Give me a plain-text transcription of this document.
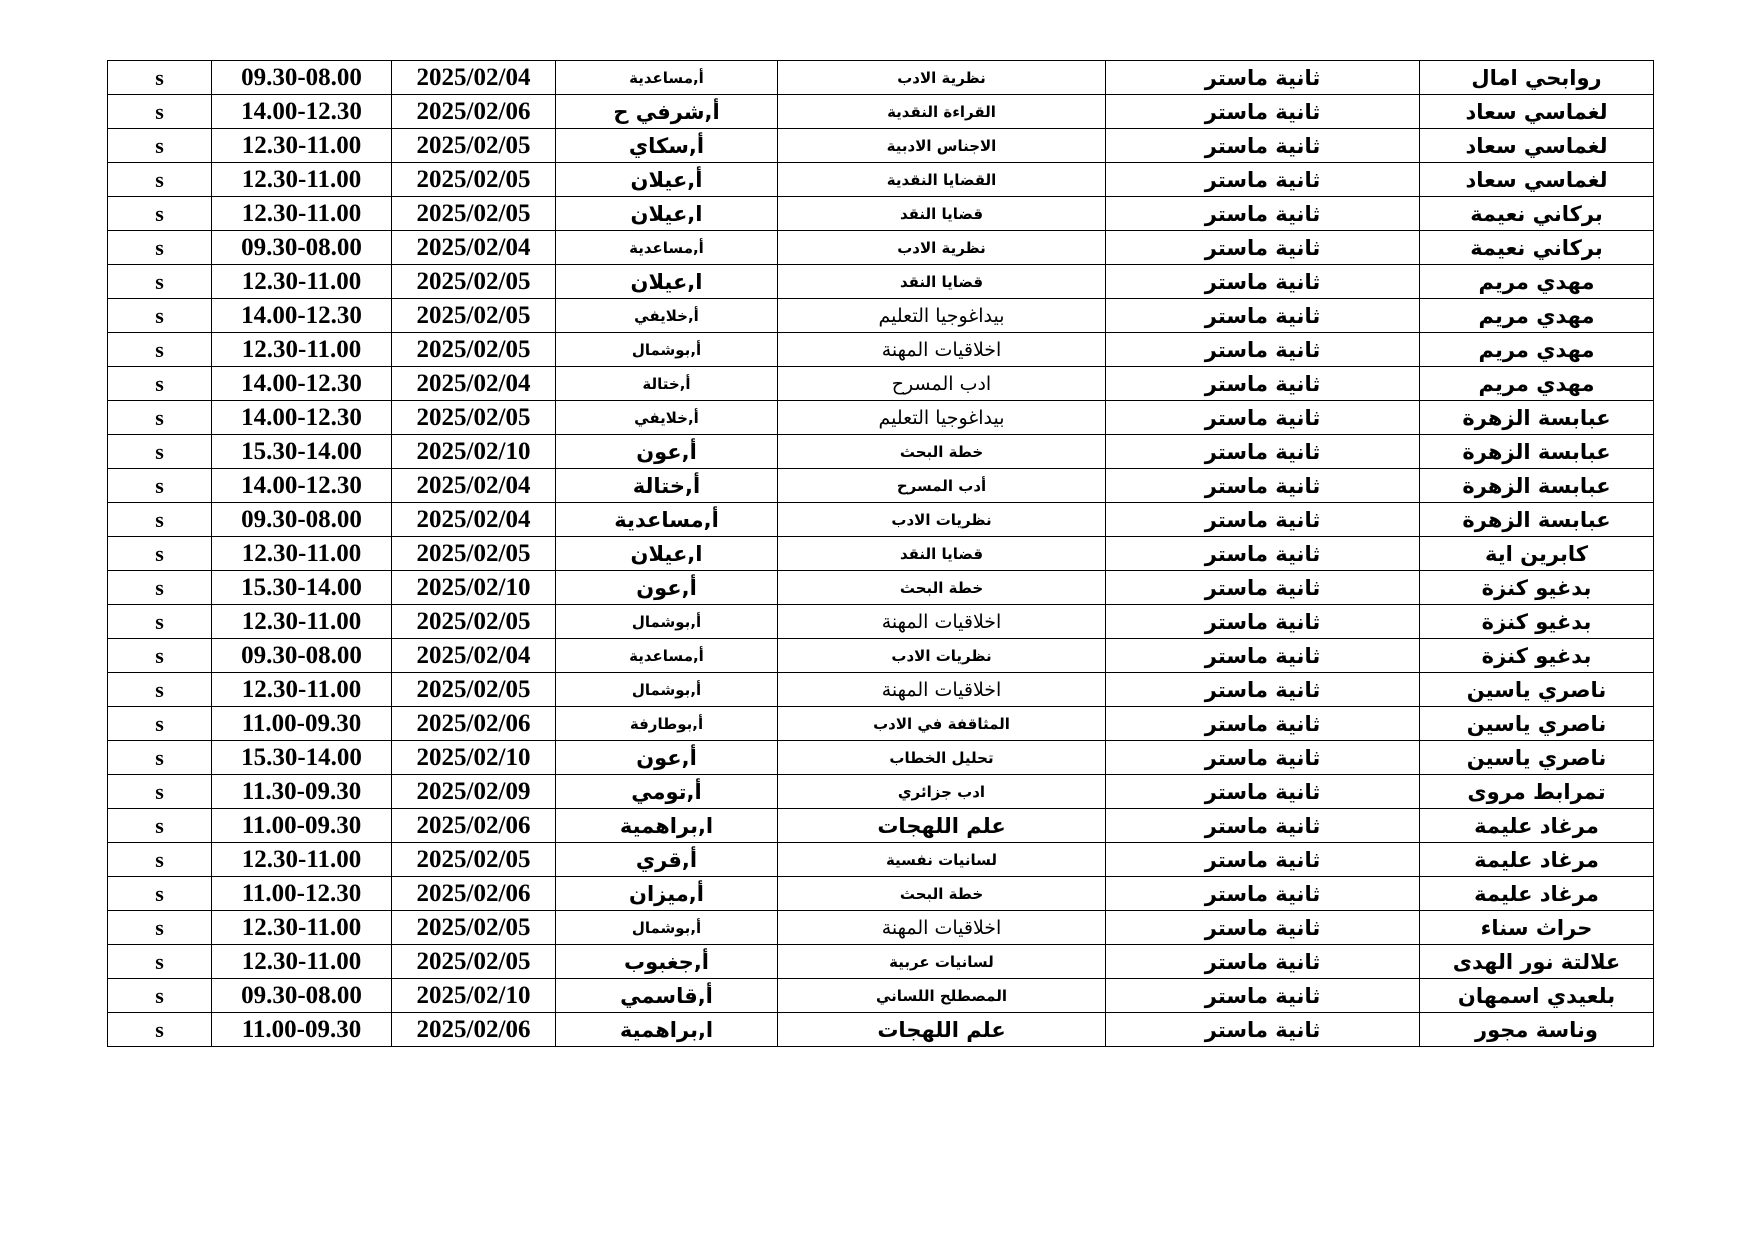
s	09.30-08.00	2025/02/04	أ,مساعدية	نظرية الادب	ثانية ماستر	روابحي امال
s	14.00-12.30	2025/02/06	أ,شرفي ح	القراءة النقدية	ثانية ماستر	لغماسي سعاد
s	12.30-11.00	2025/02/05	أ,سكاي	الاجناس الادبية	ثانية ماستر	لغماسي سعاد
s	12.30-11.00	2025/02/05	أ,عيلان	القضايا النقدية	ثانية ماستر	لغماسي سعاد
s	12.30-11.00	2025/02/05	ا,عيلان	قضايا النقد	ثانية ماستر	بركاني نعيمة
s	09.30-08.00	2025/02/04	أ,مساعدية	نظرية الادب	ثانية ماستر	بركاني نعيمة
s	12.30-11.00	2025/02/05	ا,عيلان	قضايا النقد	ثانية ماستر	مهدي مريم
s	14.00-12.30	2025/02/05	أ,خلايفي	بيداغوجيا التعليم	ثانية ماستر	مهدي مريم
s	12.30-11.00	2025/02/05	أ,بوشمال	اخلاقيات المهنة	ثانية ماستر	مهدي مريم
s	14.00-12.30	2025/02/04	أ,ختالة	ادب المسرح	ثانية ماستر	مهدي مريم
s	14.00-12.30	2025/02/05	أ,خلايفي	بيداغوجيا التعليم	ثانية ماستر	عبابسة الزهرة
s	15.30-14.00	2025/02/10	أ,عون	خطة البحث	ثانية ماستر	عبابسة الزهرة
s	14.00-12.30	2025/02/04	أ,ختالة	أدب المسرح	ثانية ماستر	عبابسة الزهرة
s	09.30-08.00	2025/02/04	أ,مساعدية	نظريات الادب	ثانية ماستر	عبابسة الزهرة
s	12.30-11.00	2025/02/05	ا,عيلان	قضايا النقد	ثانية ماستر	كابرين اية
s	15.30-14.00	2025/02/10	أ,عون	خطة البحث	ثانية ماستر	بدغيو كنزة
s	12.30-11.00	2025/02/05	أ,بوشمال	اخلاقيات المهنة	ثانية ماستر	بدغيو كنزة
s	09.30-08.00	2025/02/04	أ,مساعدية	نظريات الادب	ثانية ماستر	بدغيو كنزة
s	12.30-11.00	2025/02/05	أ,بوشمال	اخلاقيات المهنة	ثانية ماستر	ناصري ياسين
s	11.00-09.30	2025/02/06	أ,بوطارفة	المثاقفة في الادب	ثانية ماستر	ناصري ياسين
s	15.30-14.00	2025/02/10	أ,عون	تحليل الخطاب	ثانية ماستر	ناصري ياسين
s	11.30-09.30	2025/02/09	أ,تومي	ادب جزائري	ثانية ماستر	تمرابط مروى
s	11.00-09.30	2025/02/06	ا,براهمية	علم اللهجات	ثانية ماستر	مرغاد عليمة
s	12.30-11.00	2025/02/05	أ,قري	لسانيات نفسية	ثانية ماستر	مرغاد عليمة
s	11.00-12.30	2025/02/06	أ,ميزان	خطة البحث	ثانية ماستر	مرغاد عليمة
s	12.30-11.00	2025/02/05	أ,بوشمال	اخلاقيات المهنة	ثانية ماستر	حراث سناء
s	12.30-11.00	2025/02/05	أ,جغبوب	لسانيات عربية	ثانية ماستر	علالتة نور الهدى
s	09.30-08.00	2025/02/10	أ,قاسمي	المصطلح اللساني	ثانية ماستر	بلعيدي اسمهان
s	11.00-09.30	2025/02/06	ا,براهمية	علم اللهجات	ثانية ماستر	وناسة مجور
